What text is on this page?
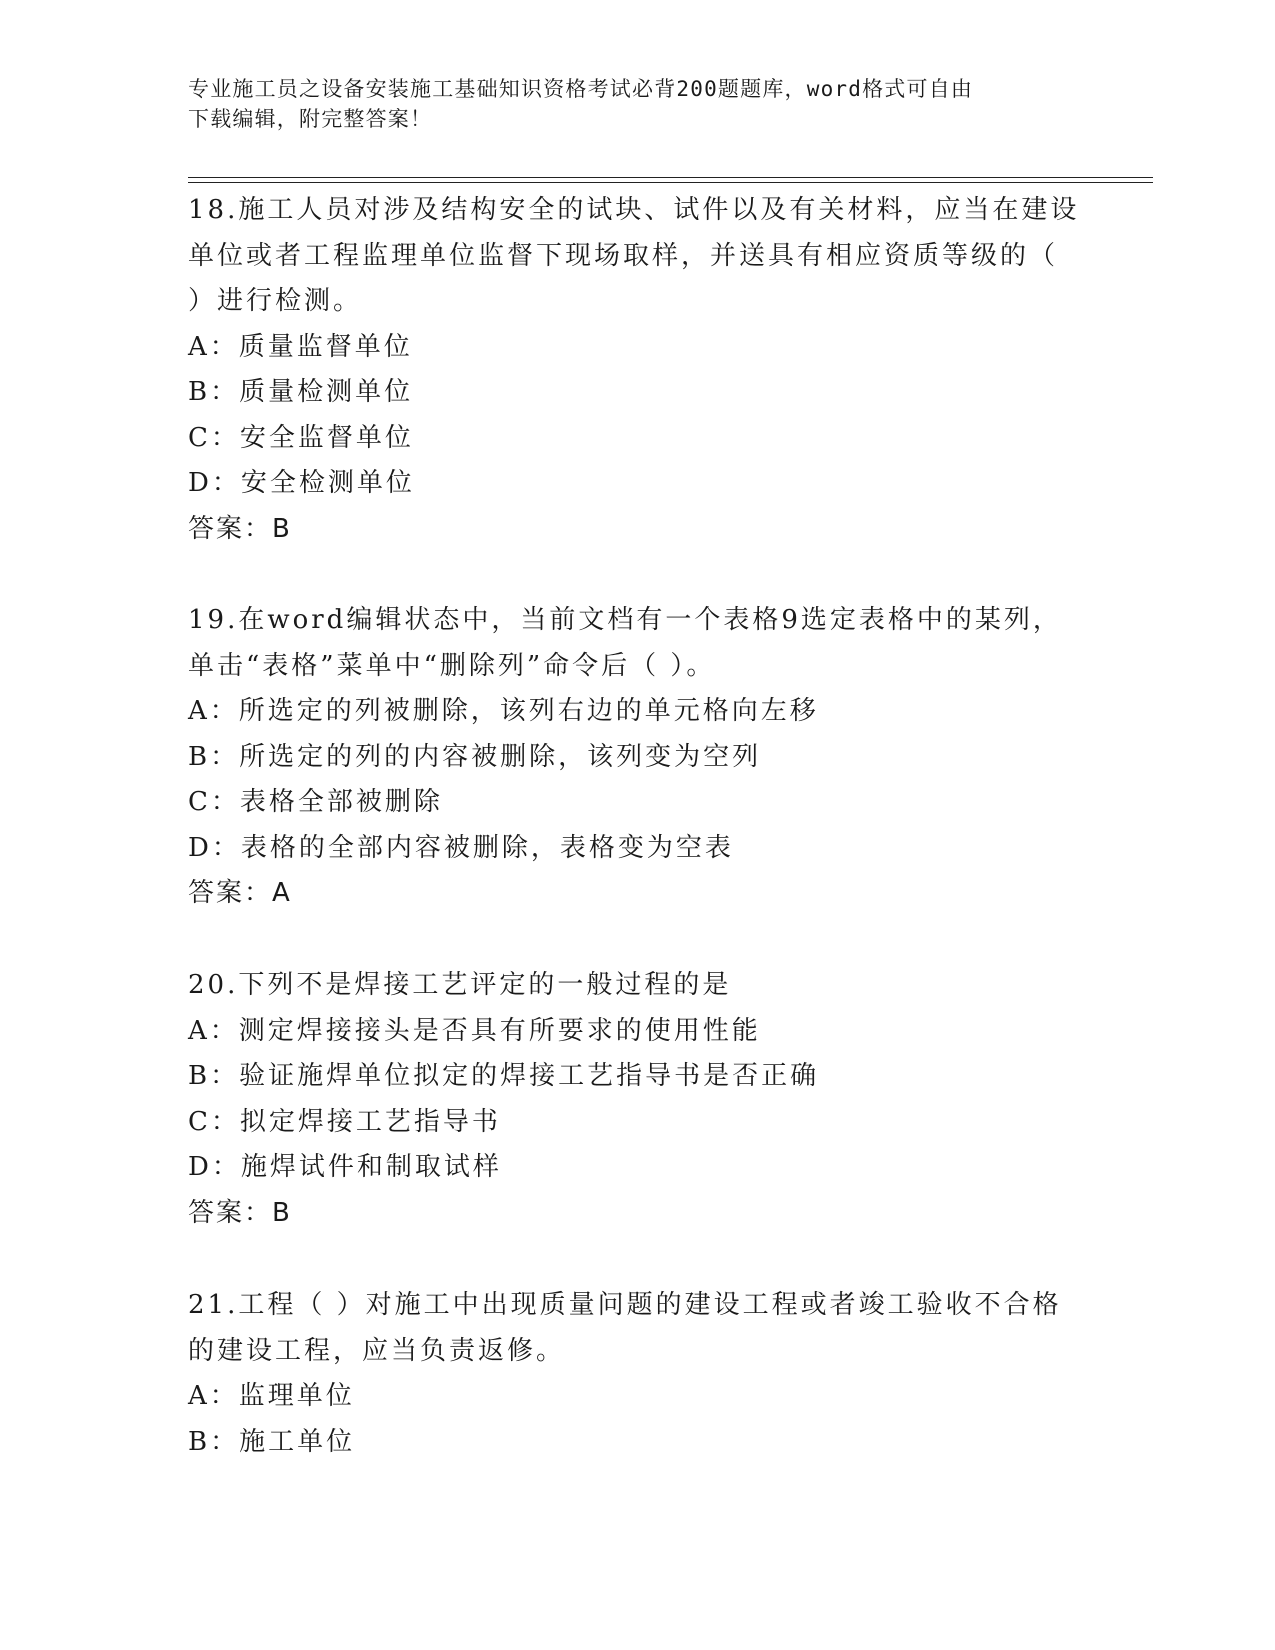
专业施工员之设备安装施工基础知识资格考试必背200题题库，word格式可自由
下载编辑，附完整答案！
18.施工人员对涉及结构安全的试块、试件以及有关材料，应当在建设
单位或者工程监理单位监督下现场取样，并送具有相应资质等级的（
）进行检测。
A：质量监督单位
B：质量检测单位
C：安全监督单位
D：安全检测单位
答案：B
19.在word编辑状态中，当前文档有一个表格9选定表格中的某列，
单击“表格”菜单中“删除列”命令后（ ）。
A：所选定的列被删除，该列右边的单元格向左移
B：所选定的列的内容被删除，该列变为空列
C：表格全部被删除
D：表格的全部内容被删除，表格变为空表
答案：A
20.下列不是焊接工艺评定的一般过程的是
A：测定焊接接头是否具有所要求的使用性能
B：验证施焊单位拟定的焊接工艺指导书是否正确
C：拟定焊接工艺指导书
D：施焊试件和制取试样
答案：B
21.工程（ ）对施工中出现质量问题的建设工程或者竣工验收不合格
的建设工程，应当负责返修。
A：监理单位
B：施工单位
